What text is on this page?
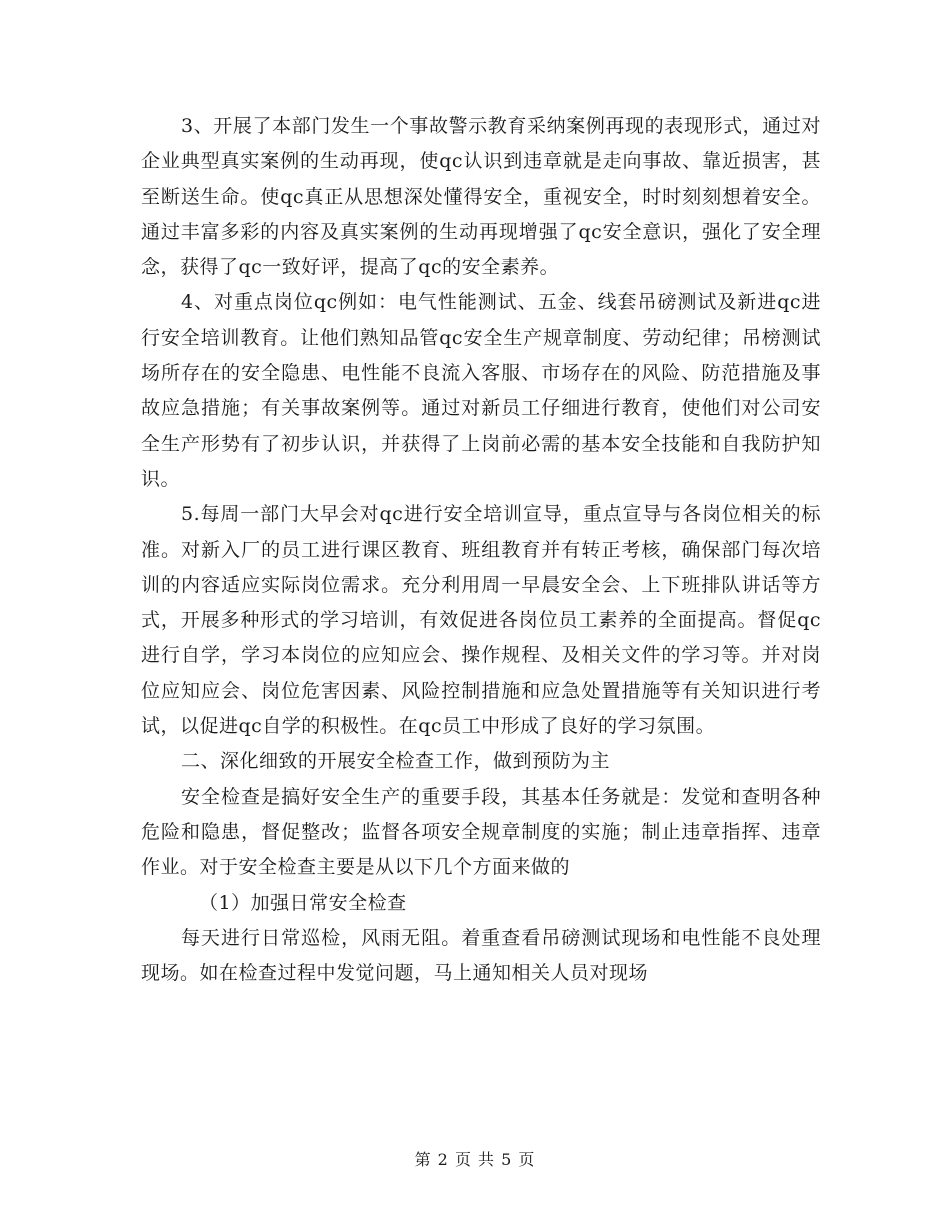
3、开展了本部门发生一个事故警示教育采纳案例再现的表现形式，通过对企业典型真实案例的生动再现，使qc认识到违章就是走向事故、靠近损害，甚至断送生命。使qc真正从思想深处懂得安全，重视安全，时时刻刻想着安全。通过丰富多彩的内容及真实案例的生动再现增强了qc安全意识，强化了安全理念，获得了qc一致好评，提高了qc的安全素养。

4、对重点岗位qc例如：电气性能测试、五金、线套吊磅测试及新进qc进行安全培训教育。让他们熟知品管qc安全生产规章制度、劳动纪律；吊榜测试场所存在的安全隐患、电性能不良流入客服、市场存在的风险、防范措施及事故应急措施；有关事故案例等。通过对新员工仔细进行教育，使他们对公司安全生产形势有了初步认识，并获得了上岗前必需的基本安全技能和自我防护知识。

5.每周一部门大早会对qc进行安全培训宣导，重点宣导与各岗位相关的标准。对新入厂的员工进行课区教育、班组教育并有转正考核，确保部门每次培训的内容适应实际岗位需求。充分利用周一早晨安全会、上下班排队讲话等方式，开展多种形式的学习培训，有效促进各岗位员工素养的全面提高。督促qc进行自学，学习本岗位的应知应会、操作规程、及相关文件的学习等。并对岗位应知应会、岗位危害因素、风险控制措施和应急处置措施等有关知识进行考试，以促进qc自学的积极性。在qc员工中形成了良好的学习氛围。

二、深化细致的开展安全检查工作，做到预防为主

安全检查是搞好安全生产的重要手段，其基本任务就是：发觉和查明各种危险和隐患，督促整改；监督各项安全规章制度的实施；制止违章指挥、违章作业。对于安全检查主要是从以下几个方面来做的

（1）加强日常安全检查

每天进行日常巡检，风雨无阻。着重查看吊磅测试现场和电性能不良处理现场。如在检查过程中发觉问题，马上通知相关人员对现场

第 2 页 共 5 页
